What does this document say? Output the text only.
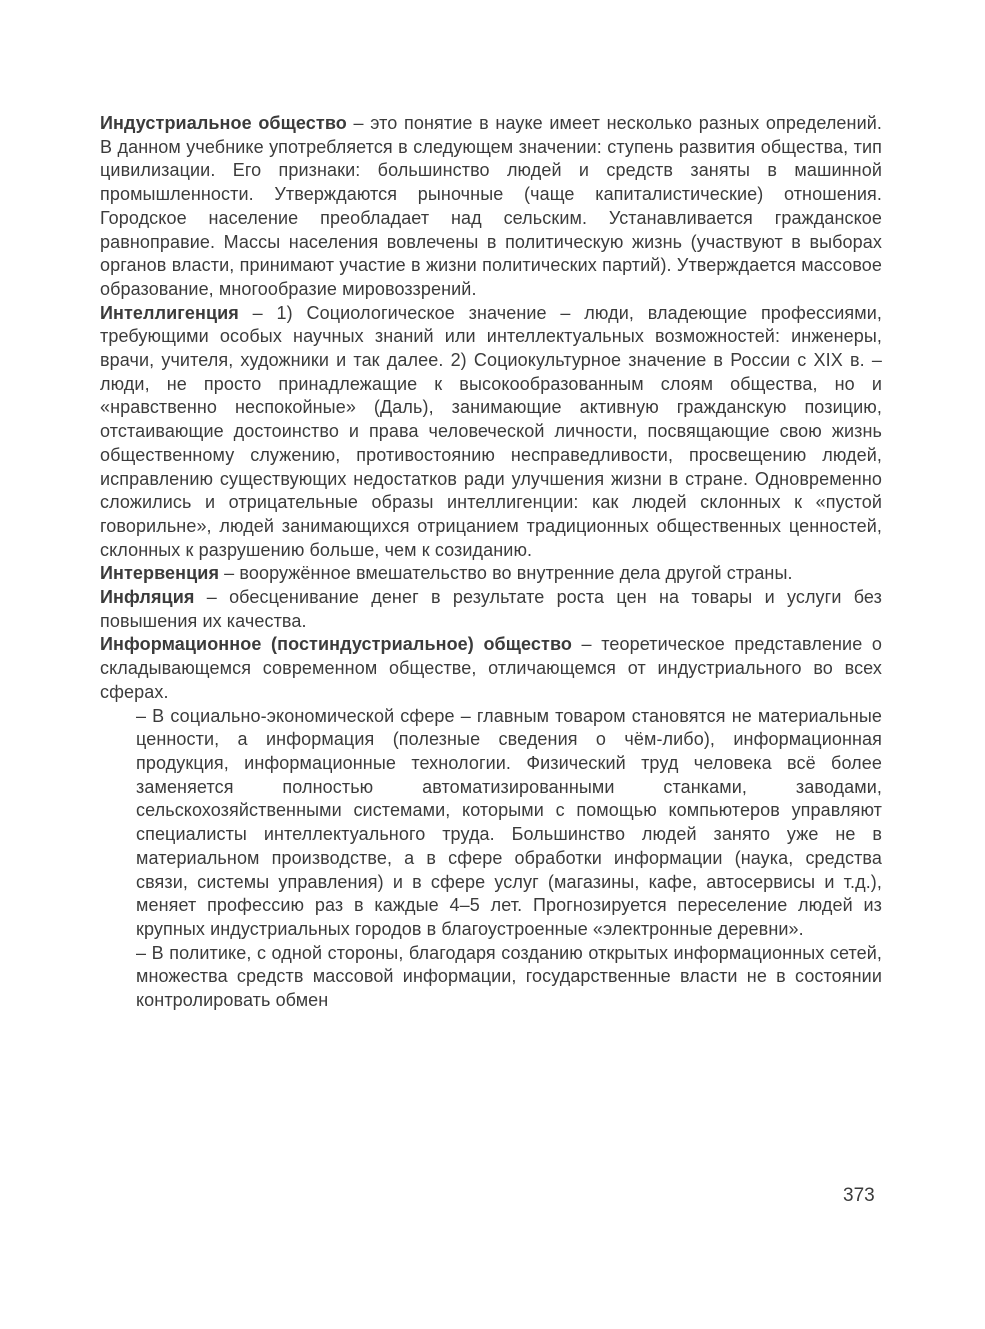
Индустриальное общество – это понятие в науке имеет несколько разных определений. В данном учебнике употребляется в следующем значении: ступень развития общества, тип цивилизации. Его признаки: большинство людей и средств заняты в машинной промышленности. Утверждаются рыночные (чаще капиталистические) отношения. Городское население преобладает над сельским. Устанавливается гражданское равноправие. Массы населения вовлечены в политическую жизнь (участвуют в выборах органов власти, принимают участие в жизни политических партий). Утверждается массовое образование, многообразие мировоззрений.

Интеллигенция – 1) Социологическое значение – люди, владеющие профессиями, требующими особых научных знаний или интеллектуальных возможностей: инженеры, врачи, учителя, художники и так далее. 2) Социокультурное значение в России с XIX в. – люди, не просто принадлежащие к высокообразованным слоям общества, но и «нравственно неспокойные» (Даль), занимающие активную гражданскую позицию, отстаивающие достоинство и права человеческой личности, посвящающие свою жизнь общественному служению, противостоянию несправедливости, просвещению людей, исправлению существующих недостатков ради улучшения жизни в стране. Одновременно сложились и отрицательные образы интеллигенции: как людей склонных к «пустой говорильне», людей занимающихся отрицанием традиционных общественных ценностей, склонных к разрушению больше, чем к созиданию.

Интервенция – вооружённое вмешательство во внутренние дела другой страны.

Инфляция – обесценивание денег в результате роста цен на товары и услуги без повышения их качества.

Информационное (постиндустриальное) общество – теоретическое представление о складывающемся современном обществе, отличающемся от индустриального во всех сферах.

– В социально-экономической сфере – главным товаром становятся не материальные ценности, а информация (полезные сведения о чём-либо), информационная продукция, информационные технологии. Физический труд человека всё более заменяется полностью автоматизированными станками, заводами, сельскохозяйственными системами, которыми с помощью компьютеров управляют специалисты интеллектуального труда. Большинство людей занято уже не в материальном производстве, а в сфере обработки информации (наука, средства связи, системы управления) и в сфере услуг (магазины, кафе, автосервисы и т.д.), меняет профессию раз в каждые 4–5 лет. Прогнозируется переселение людей из крупных индустриальных городов в благоустроенные «электронные деревни».

– В политике, с одной стороны, благодаря созданию открытых информационных сетей, множества средств массовой информации, государственные власти не в состоянии контролировать обмен

373
